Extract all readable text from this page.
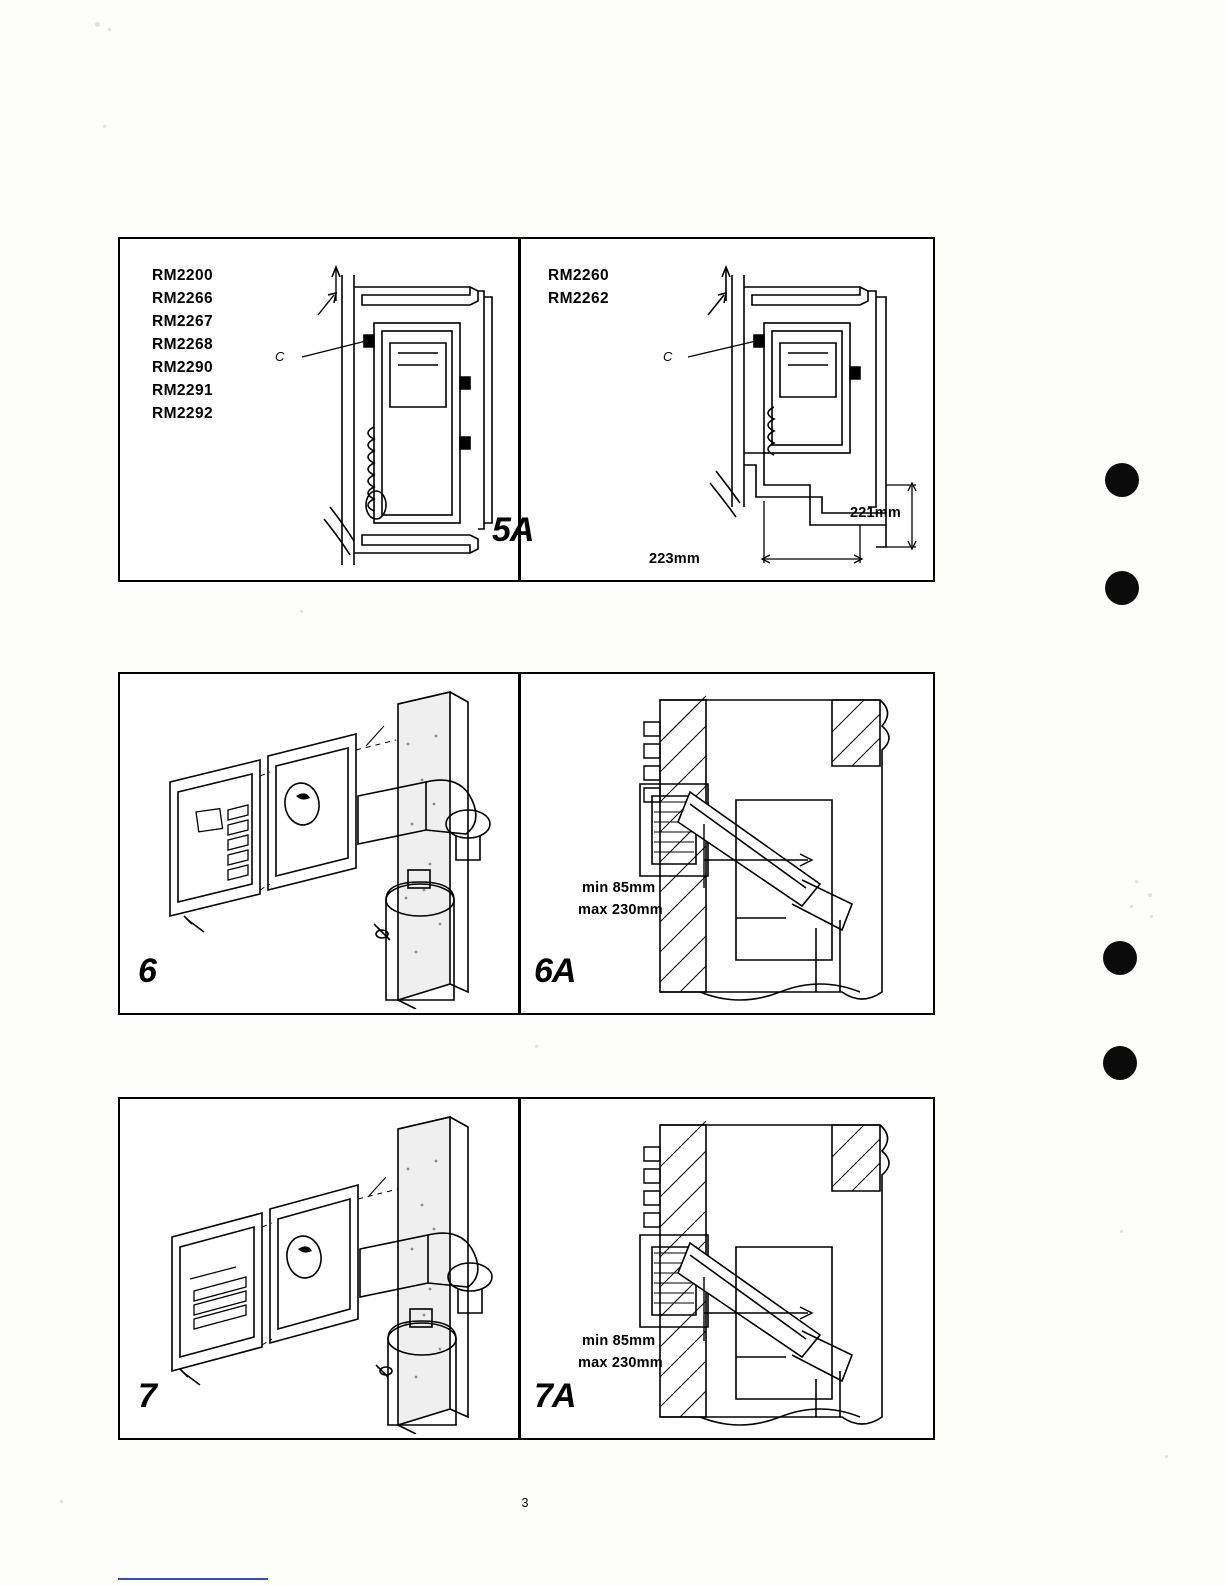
RM2200
RM2266
RM2267
RM2268
RM2290
RM2291
RM2292
RM2260
RM2262
C	C
221mm
223mm
5A
6
min 85mm
max 230mm
6A
7
min 85mm
max 230mm
7A
3
